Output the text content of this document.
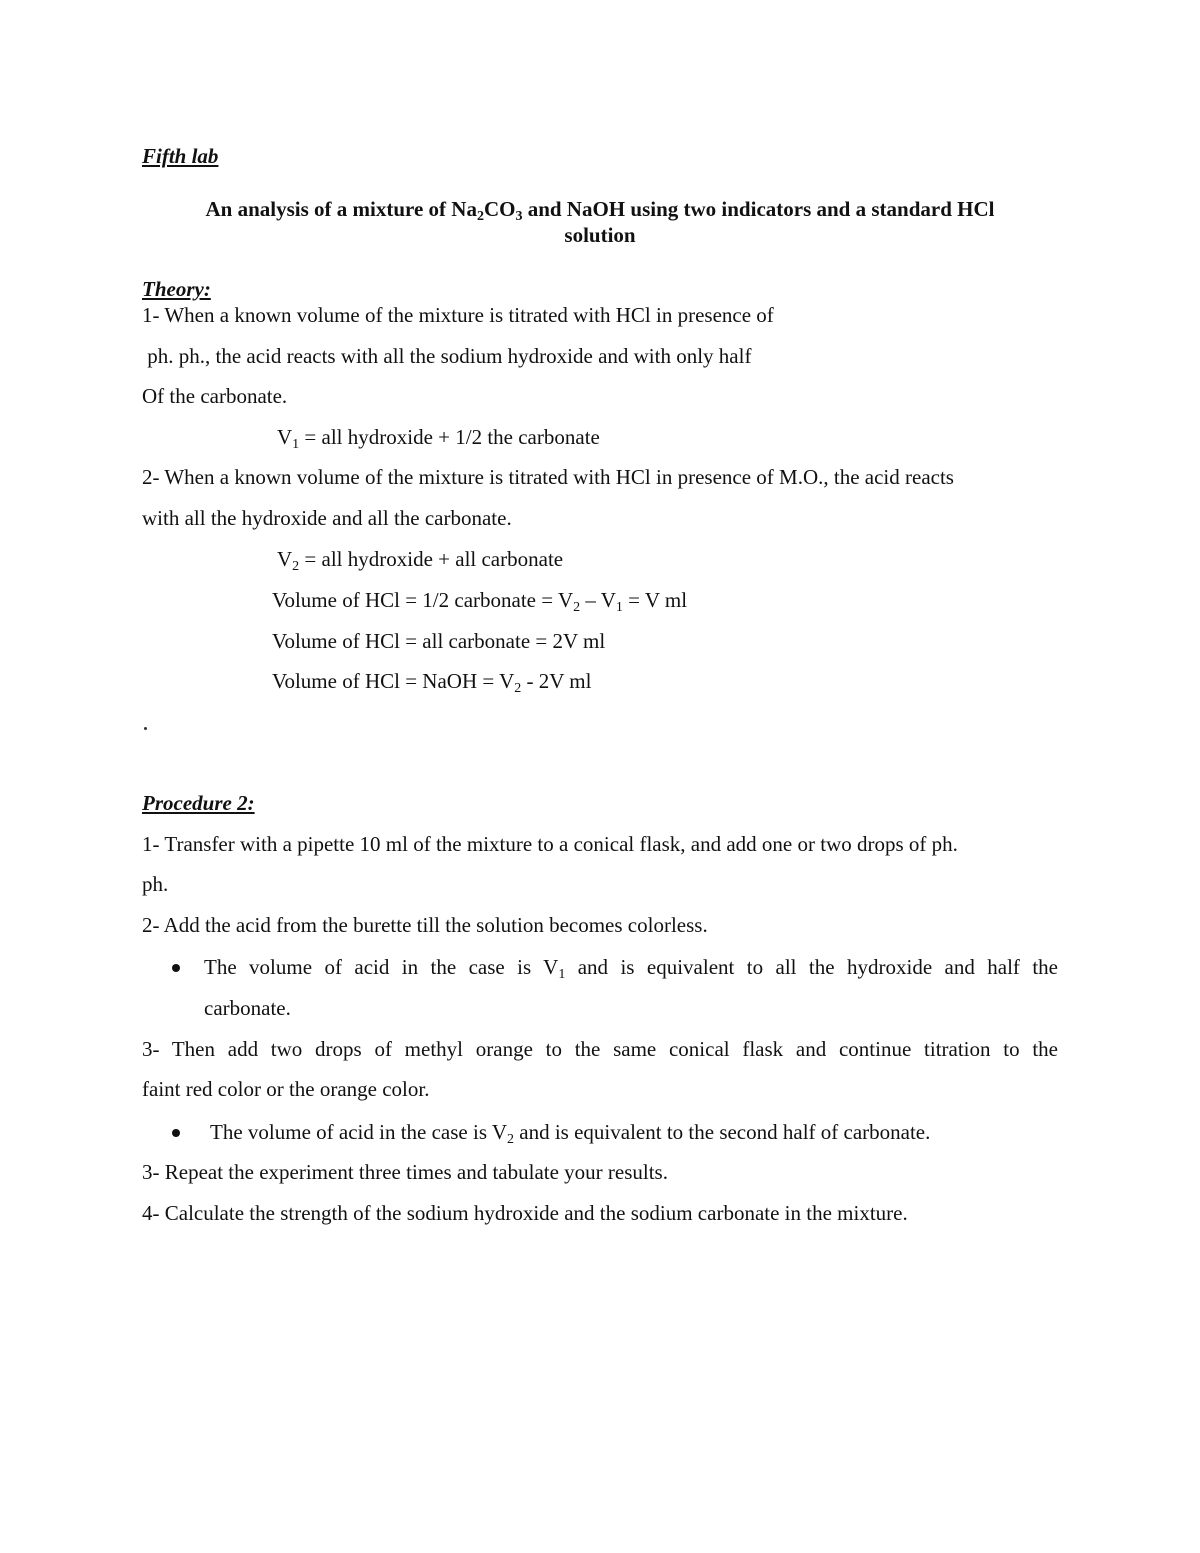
Fifth lab
An analysis of a mixture of $Na_2CO_3$ and NaOH using two indicators and a standard HCl
solution
Theory:
1- When a known volume of the mixture is titrated with HCl in presence of
ph. ph., the acid reacts with all the sodium hydroxide and with only half
Of the carbonate.
$V_1$ = all hydroxide + 1/2 the carbonate
2- When a known volume of the mixture is titrated with HCl in presence of M.O., the acid reacts
with all the hydroxide and all the carbonate.
$V_2$ = all hydroxide + all carbonate
Volume of HCl = 1/2 carbonate = $V_2 - V_1 = V$ ml
Volume of HCl = all carbonate = 2V ml
Volume of HCl = NaOH = $V_2 - 2V$ ml
Procedure 2:
1- Transfer with a pipette 10 ml of the mixture to a conical flask, and add one or two drops of ph.
ph.
2- Add the acid from the burette till the solution becomes colorless.
The volume of acid in the case is $V_1$ and is equivalent to all the hydroxide and half the
carbonate.
3- Then add two drops of methyl orange to the same conical flask and continue titration to the
faint red color or the orange color.
The volume of acid in the case is $V_2$ and is equivalent to the second half of carbonate.
3- Repeat the experiment three times and tabulate your results.
4- Calculate the strength of the sodium hydroxide and the sodium carbonate in the mixture.
